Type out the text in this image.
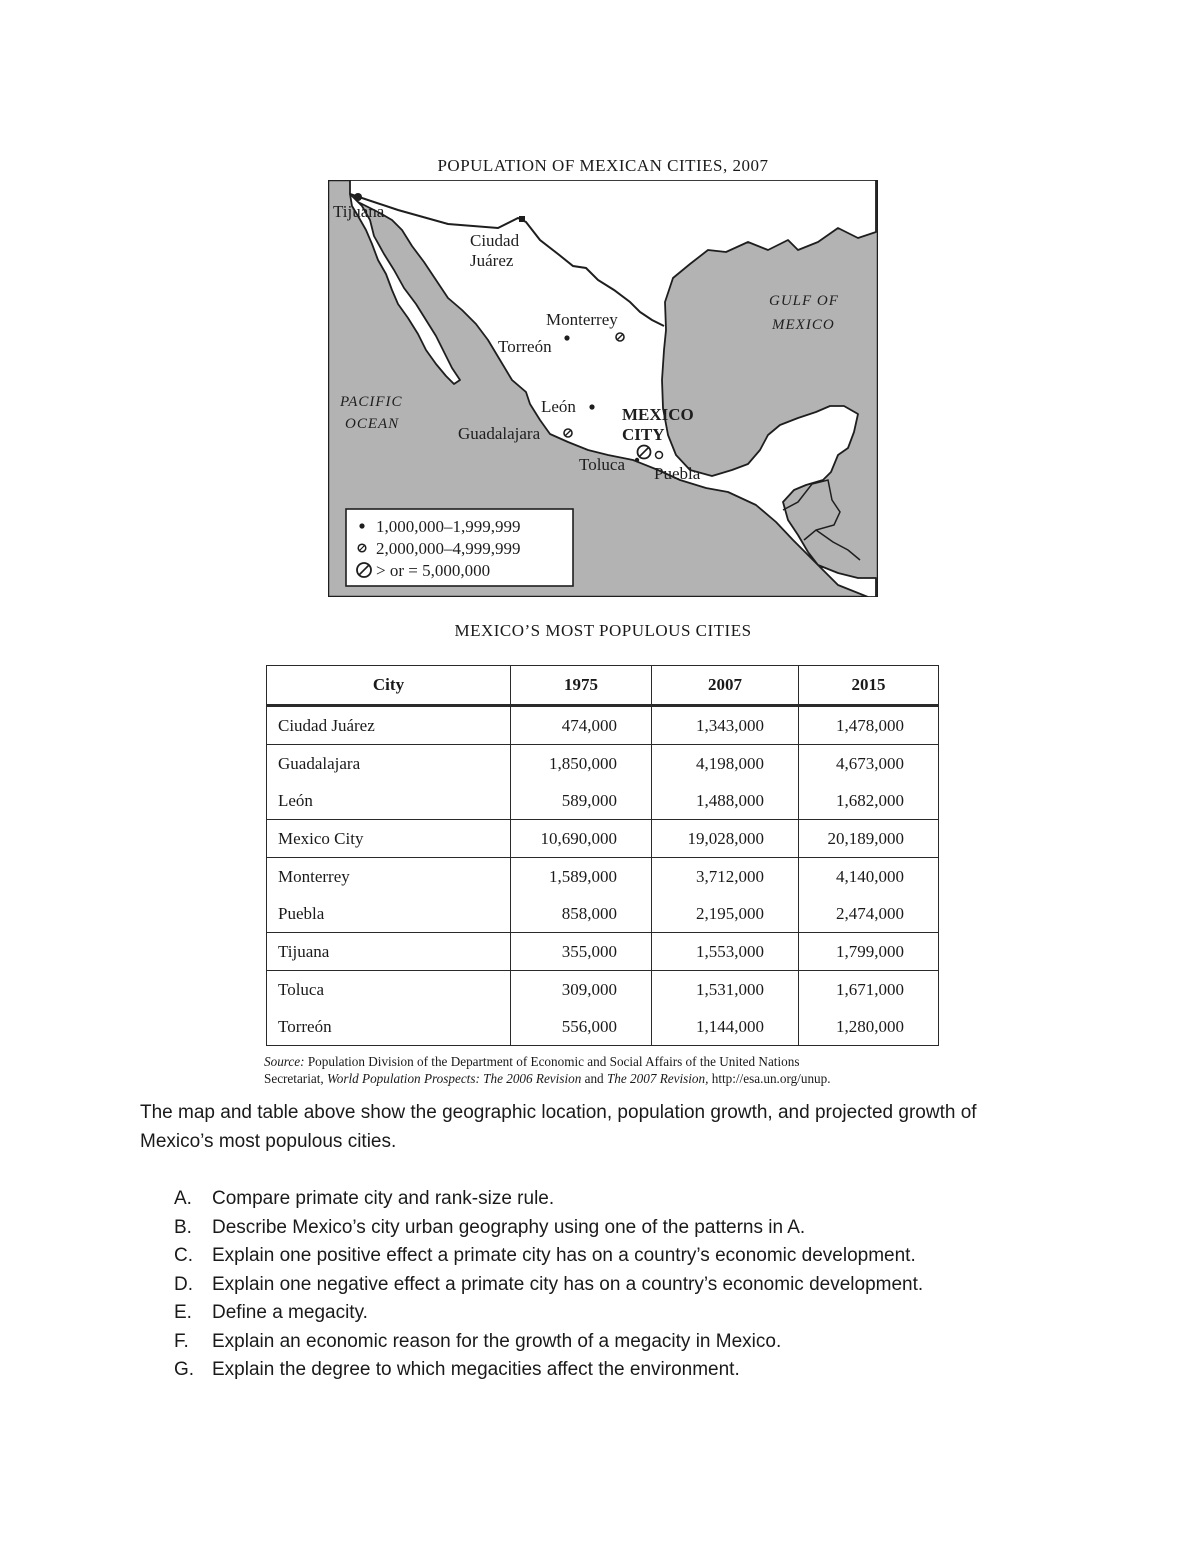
POPULATION OF MEXICAN CITIES, 2007
Tijuana
Ciudad
Juárez
Monterrey
Torreón
León
Guadalajara
MEXICO
CITY
Toluca Puebla
GULF OF
MEXICO
PACIFIC
OCEAN
1,000,000–1,999,999
2,000,000–4,999,999
> or = 5,000,000
MEXICO’S MOST POPULOUS CITIES
City	1975	2007	2015
Ciudad Juárez	474,000	1,343,000	1,478,000
Guadalajara	1,850,000	4,198,000	4,673,000
León	589,000	1,488,000	1,682,000
Mexico City	10,690,000	19,028,000	20,189,000
Monterrey	1,589,000	3,712,000	4,140,000
Puebla	858,000	2,195,000	2,474,000
Tijuana	355,000	1,553,000	1,799,000
Toluca	309,000	1,531,000	1,671,000
Torreón	556,000	1,144,000	1,280,000
Source: Population Division of the Department of Economic and Social Affairs of the United Nations
Secretariat, World Population Prospects: The 2006 Revision and The 2007 Revision, http://esa.un.org/unup.
The map and table above show the geographic location, population growth, and projected growth of Mexico’s most populous cities.
A.	Compare primate city and rank-size rule.
B.	Describe Mexico’s city urban geography using one of the patterns in A.
C.	Explain one positive effect a primate city has on a country’s economic development.
D.	Explain one negative effect a primate city has on a country’s economic development.
E.	Define a megacity.
F.	Explain an economic reason for the growth of a megacity in Mexico.
G. Explain the degree to which megacities affect the environment.
